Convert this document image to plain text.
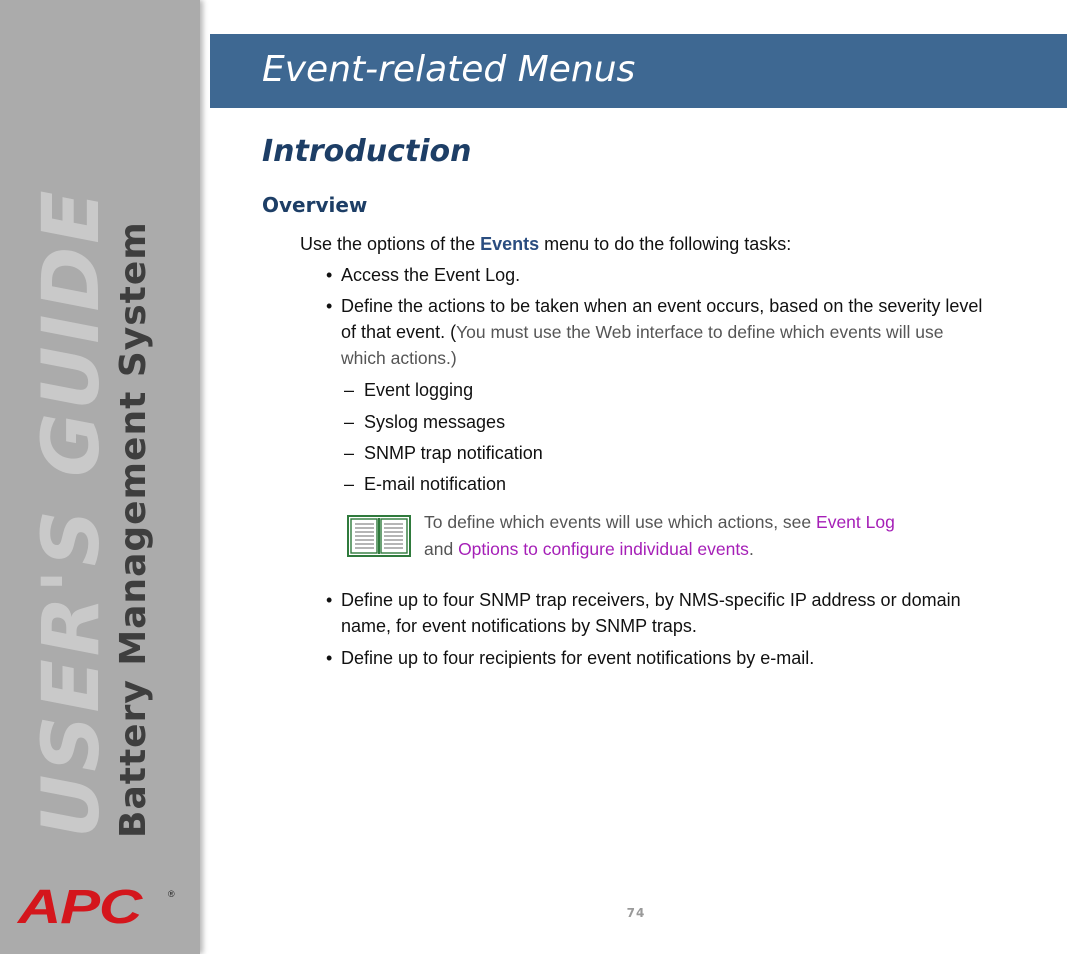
USER'S GUIDE
Battery Management System
APC	®
Event-related Menus
Introduction
Overview
Use the options of the Events menu to do the following tasks:
• Access the Event Log.
• Define the actions to be taken when an event occurs, based on the severity level of that event. (You must use the Web interface to define which events will use which actions.)
– Event logging
– Syslog messages
– SNMP trap notification
– E-mail notification
To define which events will use which actions, see Event Log
and Options to configure individual events.
• Define up to four SNMP trap receivers, by NMS-specific IP address or domain name, for event notifications by SNMP traps.
• Define up to four recipients for event notifications by e-mail.
74
